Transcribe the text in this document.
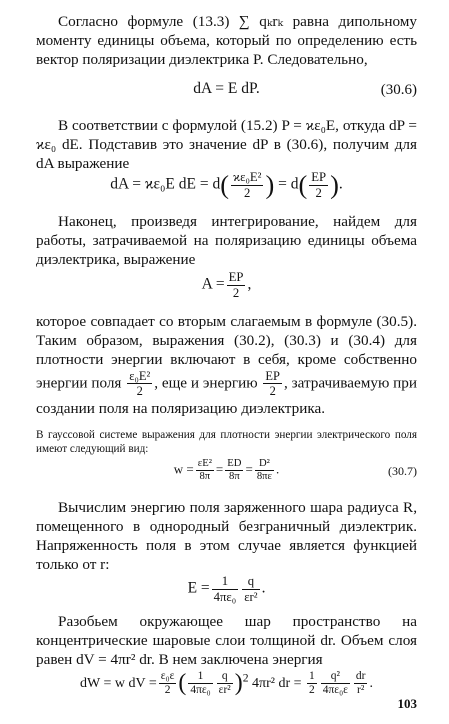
Согласно формуле (13.3) ∑ qₖrₖ равна дипольному моменту единицы объема, который по определению есть вектор поляризации диэлектрика P. Следовательно,

dA = E dP.	(30.6)

В соответствии с формулой (15.2) P = ϰε₀E, откуда dP = ϰε₀ dE. Подставив это значение dP в (30.6), получим для dA выражение

dA = ϰε₀E dE = $d( \frac{\text{ϰε₀E²}}{2}$ ) = $d( \frac{EP}{2}$ ).

Наконец, произведя интегрирование, найдем для работы, затрачиваемой на поляризацию единицы объема диэлектрика, выражение

$A = \frac{EP}{2}$ ,

которое совпадает со вторым слагаемым в формуле (30.5). Таким образом, выражения (30.2), (30.3) и (30.4) для плотности энергии включают в себя, кроме собственно энергии поля $\frac{\text{ε₀E²}}{2}$ , еще и энергию $\frac{EP}{2}$ , затрачиваемую при создании поля на поляризацию диэлектрика.

В гауссовой системе выражения для плотности энергии электрического поля имеют следующий вид:

$w = \frac{\text{εE²}}{8\pi} = \frac{ED}{8\pi} = \frac{\text{D²}}{8\pi\varepsilon}$ .	(30.7)

Вычислим энергию поля заряженного шара радиуса R, помещенного в однородный безграничный диэлектрик. Напряженность поля в этом случае является функцией только от r:

$E = \frac{1}{\text{4πε₀}} \frac{q}{\text{εr²}}$ .

Разобьем окружающее шар пространство на концентрические шаровые слои толщиной dr. Объем слоя равен dV = 4πr² dr. В нем заключена энергия

dW = w dV = $\frac{\text{ε₀ε}}{2}$ ( $\frac{1}{\text{4πε₀}} \frac{q}{\text{εr²}} )^2$ 4πr² dr = $\frac{1}{2} \frac{\text{q²}}{\text{4πε₀ε}} \frac{dr}{\text{r²}}$ .
103
